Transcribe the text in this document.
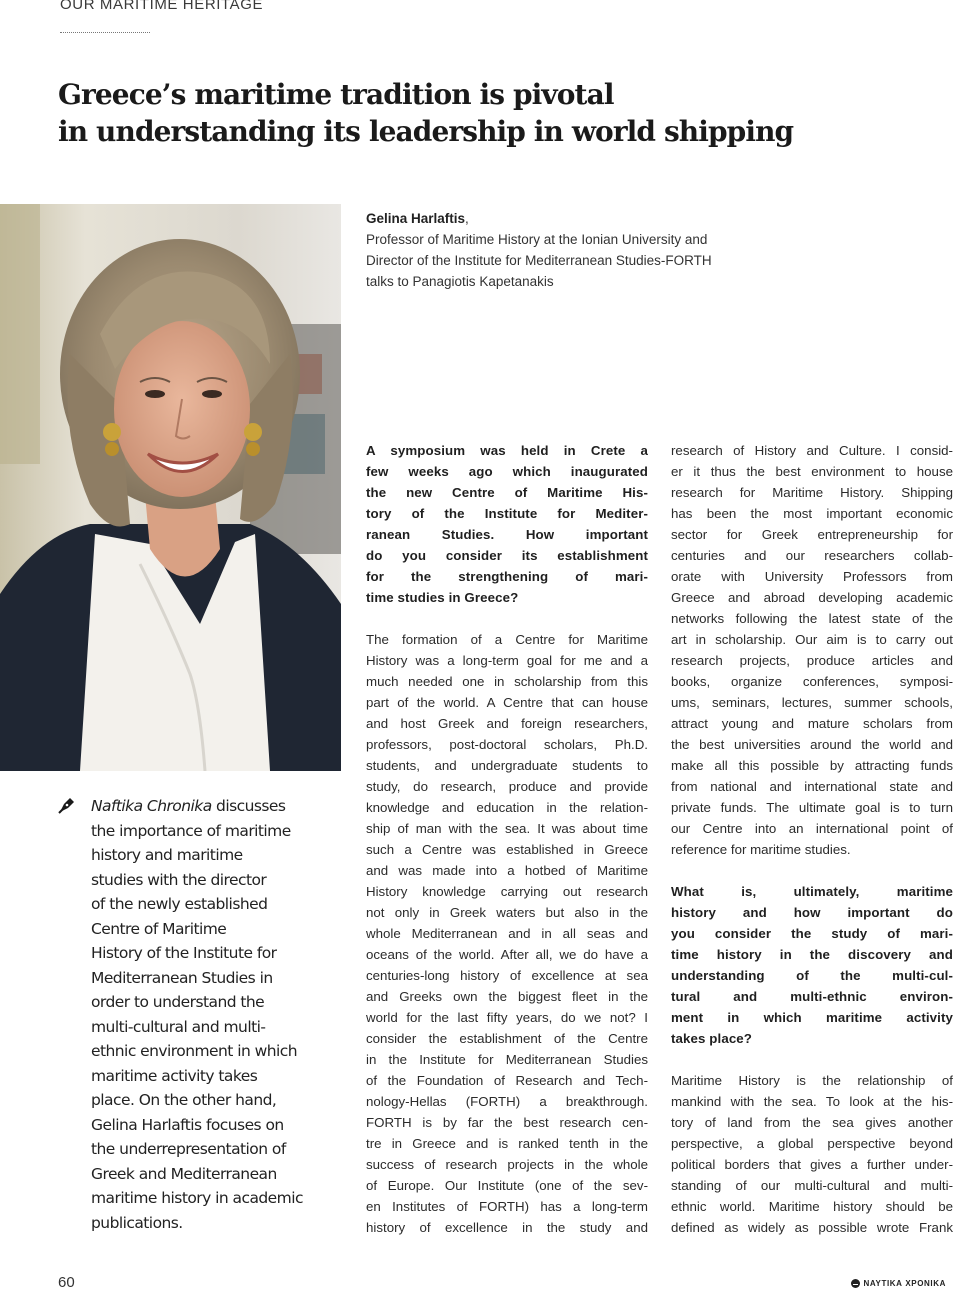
OUR MARITIME HERITAGE
Greece’s maritime tradition is pivotal
in understanding its leadership in world shipping
Gelina Harlaftis,
Professor of Maritime History at the Ionian University and
Director of the Institute for Mediterranean Studies-FORTH
talks to Panagiotis Kapetanakis
Naftika Chronika discusses
the importance of maritime
history and maritime
studies with the director
of the newly established
Centre of Maritime
History of the Institute for
Mediterranean Studies in
order to understand the
multi-cultural and multi-
ethnic environment in which
maritime activity takes
place. On the other hand,
Gelina Harlaftis focuses on
the underrepresentation of
Greek and Mediterranean
maritime history in academic
publications.
A symposium was held in Crete a
few weeks ago which inaugurated
the new Centre of Maritime His-
tory of the Institute for Mediter-
ranean Studies. How important
do you consider its establishment
for the strengthening of mari-
time studies in Greece?
The formation of a Centre for Maritime
History was a long-term goal for me and a
much needed one in scholarship from this
part of the world. A Centre that can house
and host Greek and foreign researchers,
professors, post-doctoral scholars, Ph.D.
students, and undergraduate students to
study, do research, produce and provide
knowledge and education in the relation-
ship of man with the sea. It was about time
such a Centre was established in Greece
and was made into a hotbed of Maritime
History knowledge carrying out research
not only in Greek waters but also in the
whole Mediterranean and in all seas and
oceans of the world. After all, we do have a
centuries-long history of excellence at sea
and Greeks own the biggest fleet in the
world for the last fifty years, do we not? I
consider the establishment of the Centre
in the Institute for Mediterranean Studies
of the Foundation of Research and Tech-
nology-Hellas (FORTH) a breakthrough.
FORTH is by far the best research cen-
tre in Greece and is ranked tenth in the
success of research projects in the whole
of Europe. Our Institute (one of the sev-
en Institutes of FORTH) has a long-term
history of excellence in the study and
research of History and Culture. I consid-
er it thus the best environment to house
research for Maritime History. Shipping
has been the most important economic
sector for Greek entrepreneurship for
centuries and our researchers collab-
orate with University Professors from
Greece and abroad developing academic
networks following the latest state of the
art in scholarship. Our aim is to carry out
research projects, produce articles and
books, organize conferences, symposi-
ums, seminars, lectures, summer schools,
attract young and mature scholars from
the best universities around the world and
make all this possible by attracting funds
from national and international state and
private funds. The ultimate goal is to turn
our Centre into an international point of
reference for maritime studies.
What is, ultimately, maritime
history and how important do
you consider the study of mari-
time history in the discovery and
understanding of the multi-cul-
tural and multi-ethnic environ-
ment in which maritime activity
takes place?
Maritime History is the relationship of
mankind with the sea. To look at the his-
tory of land from the sea gives another
perspective, a global perspective beyond
political borders that gives a further under-
standing of our multi-cultural and multi-
ethnic world. Maritime history should be
defined as widely as possible wrote Frank
60	ΝΑΥΤΙΚΑ ΧΡΟΝΙΚΑ
